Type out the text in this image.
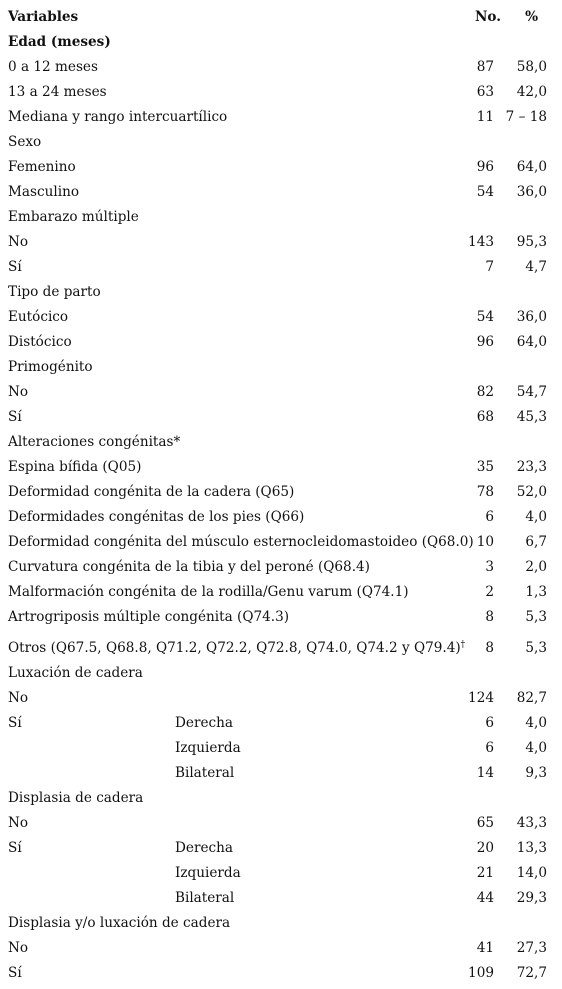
Variables	No. %
Edad (meses)
0 a 12 meses	87 58,0
13 a 24 meses	63 42,0
Mediana y rango intercuartílico	11 7 – 18
Sexo
Femenino	96 64,0
Masculino	54 36,0
Embarazo múltiple
No	143 95,3
Sí	7 4,7
Tipo de parto
Eutócico	54 36,0
Distócico	96 64,0
Primogénito
No	82 54,7
Sí	68 45,3
Alteraciones congénitas*
Espina bífida (Q05)	35 23,3
Deformidad congénita de la cadera (Q65)	78 52,0
Deformidades congénitas de los pies (Q66)	6 4,0
Deformidad congénita del músculo esternocleidomastoideo (Q68.0) 10 6,7
Curvatura congénita de la tibia y del peroné (Q68.4)	3 2,0
Malformación congénita de la rodilla/Genu varum (Q74.1)	2 1,3
Artrogriposis múltiple congénita (Q74.3)	8 5,3
Otros (Q67.5, Q68.8, Q71.2, Q72.2, Q72.8, Q74.0, Q74.2 y Q79.4)† 8 5,3
Luxación de cadera
No	124 82,7
Sí	Derecha	6 4,0
Izquierda	6 4,0
Bilateral	14 9,3
Displasia de cadera
No	65 43,3
Sí	Derecha	20 13,3
Izquierda	21 14,0
Bilateral	44 29,3
Displasia y/o luxación de cadera
No	41 27,3
Sí	109 72,7
